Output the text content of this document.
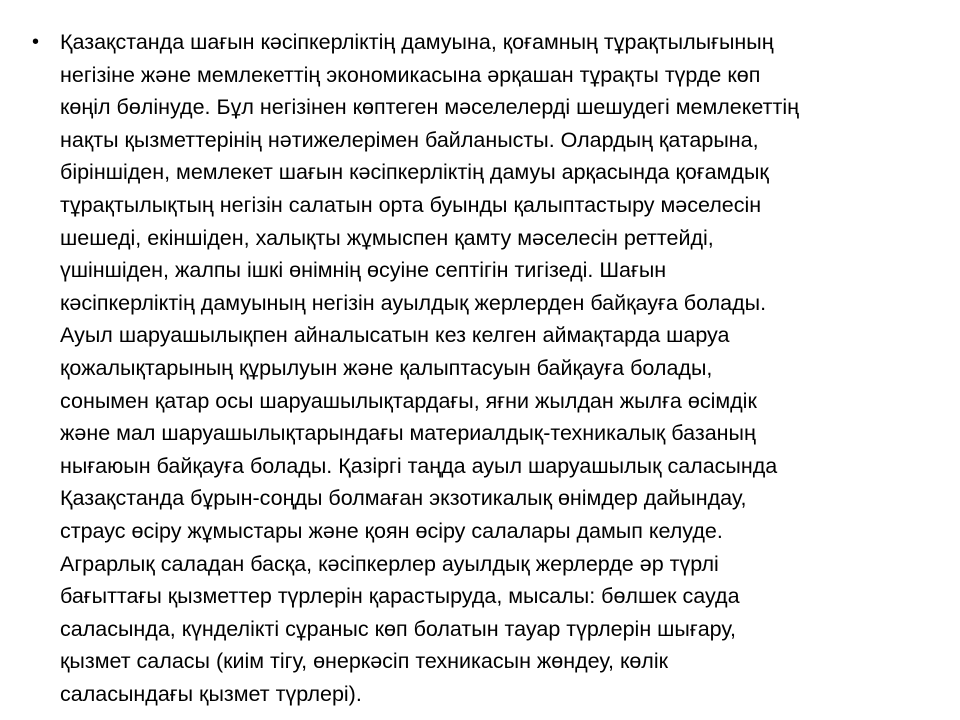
• Қазақстанда шағын кәсіпкерліктің дамуына, қоғамның тұрақтылығының
негізіне және мемлекеттің экономикасына әрқашан тұрақты түрде көп
көңіл бөлінуде. Бұл негізінен көптеген мәселелерді шешудегі мемлекеттің
нақты қызметтерінің нәтижелерімен байланысты. Олардың қатарына,
біріншіден, мемлекет шағын кәсіпкерліктің дамуы арқасында қоғамдық
тұрақтылықтың негізін салатын орта буынды қалыптастыру мәселесін
шешеді, екіншіден, халықты жұмыспен қамту мәселесін реттейді,
үшіншіден, жалпы ішкі өнімнің өсуіне септігін тигізеді. Шағын
кәсіпкерліктің дамуының негізін ауылдық жерлерден байқауға болады.
Ауыл шаруашылықпен айналысатын кез келген аймақтарда шаруа
қожалықтарының құрылуын және қалыптасуын байқауға болады,
сонымен қатар осы шаруашылықтардағы, яғни жылдан жылға өсімдік
және мал шаруашылықтарындағы материалдық-техникалық базаның
нығаюын байқауға болады. Қазіргі таңда ауыл шаруашылық саласында
Қазақстанда бұрын-соңды болмаған экзотикалық өнімдер дайындау,
страус өсіру жұмыстары және қоян өсіру салалары дамып келуде.
Аграрлық саладан басқа, кәсіпкерлер ауылдық жерлерде әр түрлі
бағыттағы қызметтер түрлерін қарастыруда, мысалы: бөлшек сауда
саласында, күнделікті сұраныс көп болатын тауар түрлерін шығару,
қызмет саласы (киім тігу, өнеркәсіп техникасын жөндеу, көлік
саласындағы қызмет түрлері).
